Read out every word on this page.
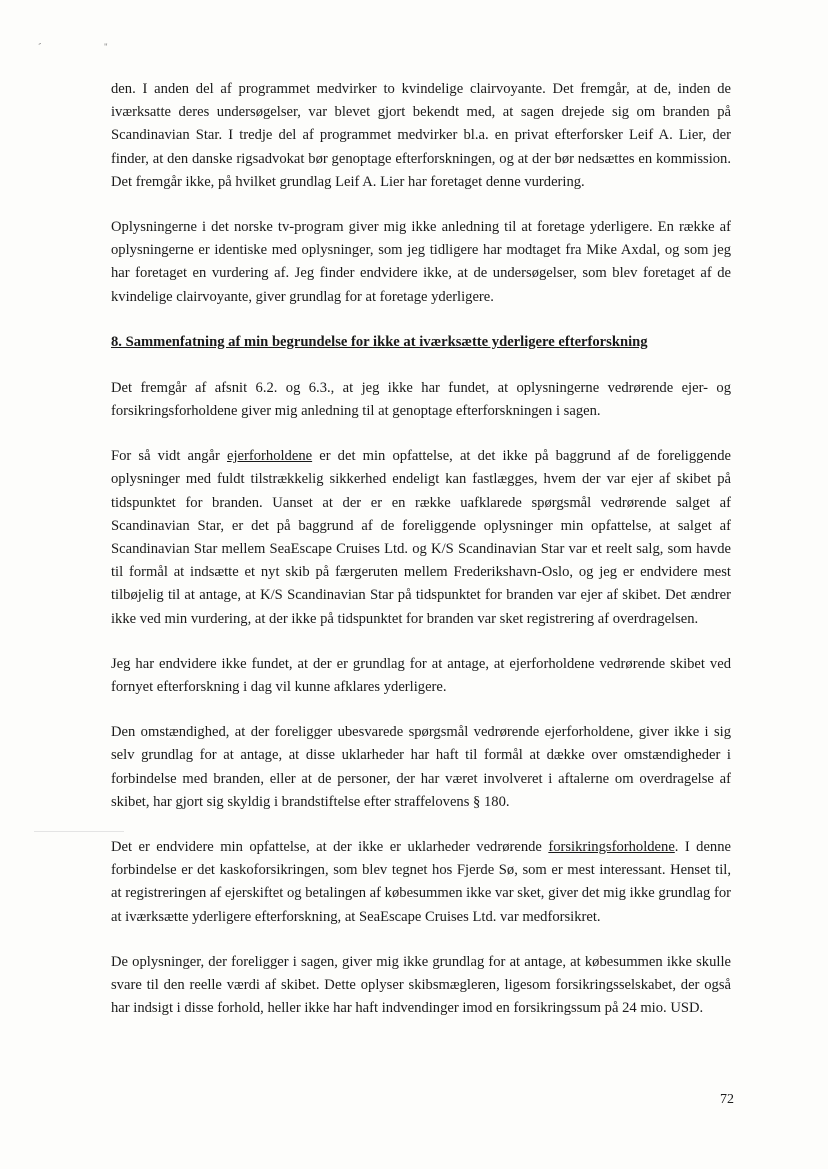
-	"

den. I anden del af programmet medvirker to kvindelige clairvoyante. Det fremgår, at de, inden de iværksatte deres undersøgelser, var blevet gjort bekendt med, at sagen drejede sig om branden på Scandinavian Star. I tredje del af programmet medvirker bl.a. en privat efterforsker Leif A. Lier, der finder, at den danske rigsadvokat bør genoptage efterforskningen, og at der bør nedsættes en kommission. Det fremgår ikke, på hvilket grundlag Leif A. Lier har foretaget denne vurdering.

Oplysningerne i det norske tv-program giver mig ikke anledning til at foretage yderligere. En række af oplysningerne er identiske med oplysninger, som jeg tidligere har modtaget fra Mike Axdal, og som jeg har foretaget en vurdering af. Jeg finder endvidere ikke, at de undersøgelser, som blev foretaget af de kvindelige clairvoyante, giver grundlag for at foretage yderligere.

8. Sammenfatning af min begrundelse for ikke at iværksætte yderligere efterforskning

Det fremgår af afsnit 6.2. og 6.3., at jeg ikke har fundet, at oplysningerne vedrørende ejer- og forsikringsforholdene giver mig anledning til at genoptage efterforskningen i sagen.

For så vidt angår ejerforholdene er det min opfattelse, at det ikke på baggrund af de foreliggende oplysninger med fuldt tilstrækkelig sikkerhed endeligt kan fastlægges, hvem der var ejer af skibet på tidspunktet for branden. Uanset at der er en række uafklarede spørgsmål vedrørende salget af Scandinavian Star, er det på baggrund af de foreliggende oplysninger min opfattelse, at salget af Scandinavian Star mellem SeaEscape Cruises Ltd. og K/S Scandinavian Star var et reelt salg, som havde til formål at indsætte et nyt skib på færgeruten mellem Frederikshavn-Oslo, og jeg er endvidere mest tilbøjelig til at antage, at K/S Scandinavian Star på tidspunktet for branden var ejer af skibet. Det ændrer ikke ved min vurdering, at der ikke på tidspunktet for branden var sket registrering af overdragelsen.

Jeg har endvidere ikke fundet, at der er grundlag for at antage, at ejerforholdene vedrørende skibet ved fornyet efterforskning i dag vil kunne afklares yderligere.

Den omstændighed, at der foreligger ubesvarede spørgsmål vedrørende ejerforholdene, giver ikke i sig selv grundlag for at antage, at disse uklarheder har haft til formål at dække over omstændigheder i forbindelse med branden, eller at de personer, der har været involveret i aftalerne om overdragelse af skibet, har gjort sig skyldig i brandstiftelse efter straffelovens § 180.

Det er endvidere min opfattelse, at der ikke er uklarheder vedrørende forsikringsforholdene. I denne forbindelse er det kaskoforsikringen, som blev tegnet hos Fjerde Sø, som er mest interessant. Henset til, at registreringen af ejerskiftet og betalingen af købesummen ikke var sket, giver det mig ikke grundlag for at iværksætte yderligere efterforskning, at SeaEscape Cruises Ltd. var medforsikret.

De oplysninger, der foreligger i sagen, giver mig ikke grundlag for at antage, at købesummen ikke skulle svare til den reelle værdi af skibet. Dette oplyser skibsmægleren, ligesom forsikringsselskabet, der også har indsigt i disse forhold, heller ikke har haft indvendinger imod en forsikringssum på 24 mio. USD.

72
